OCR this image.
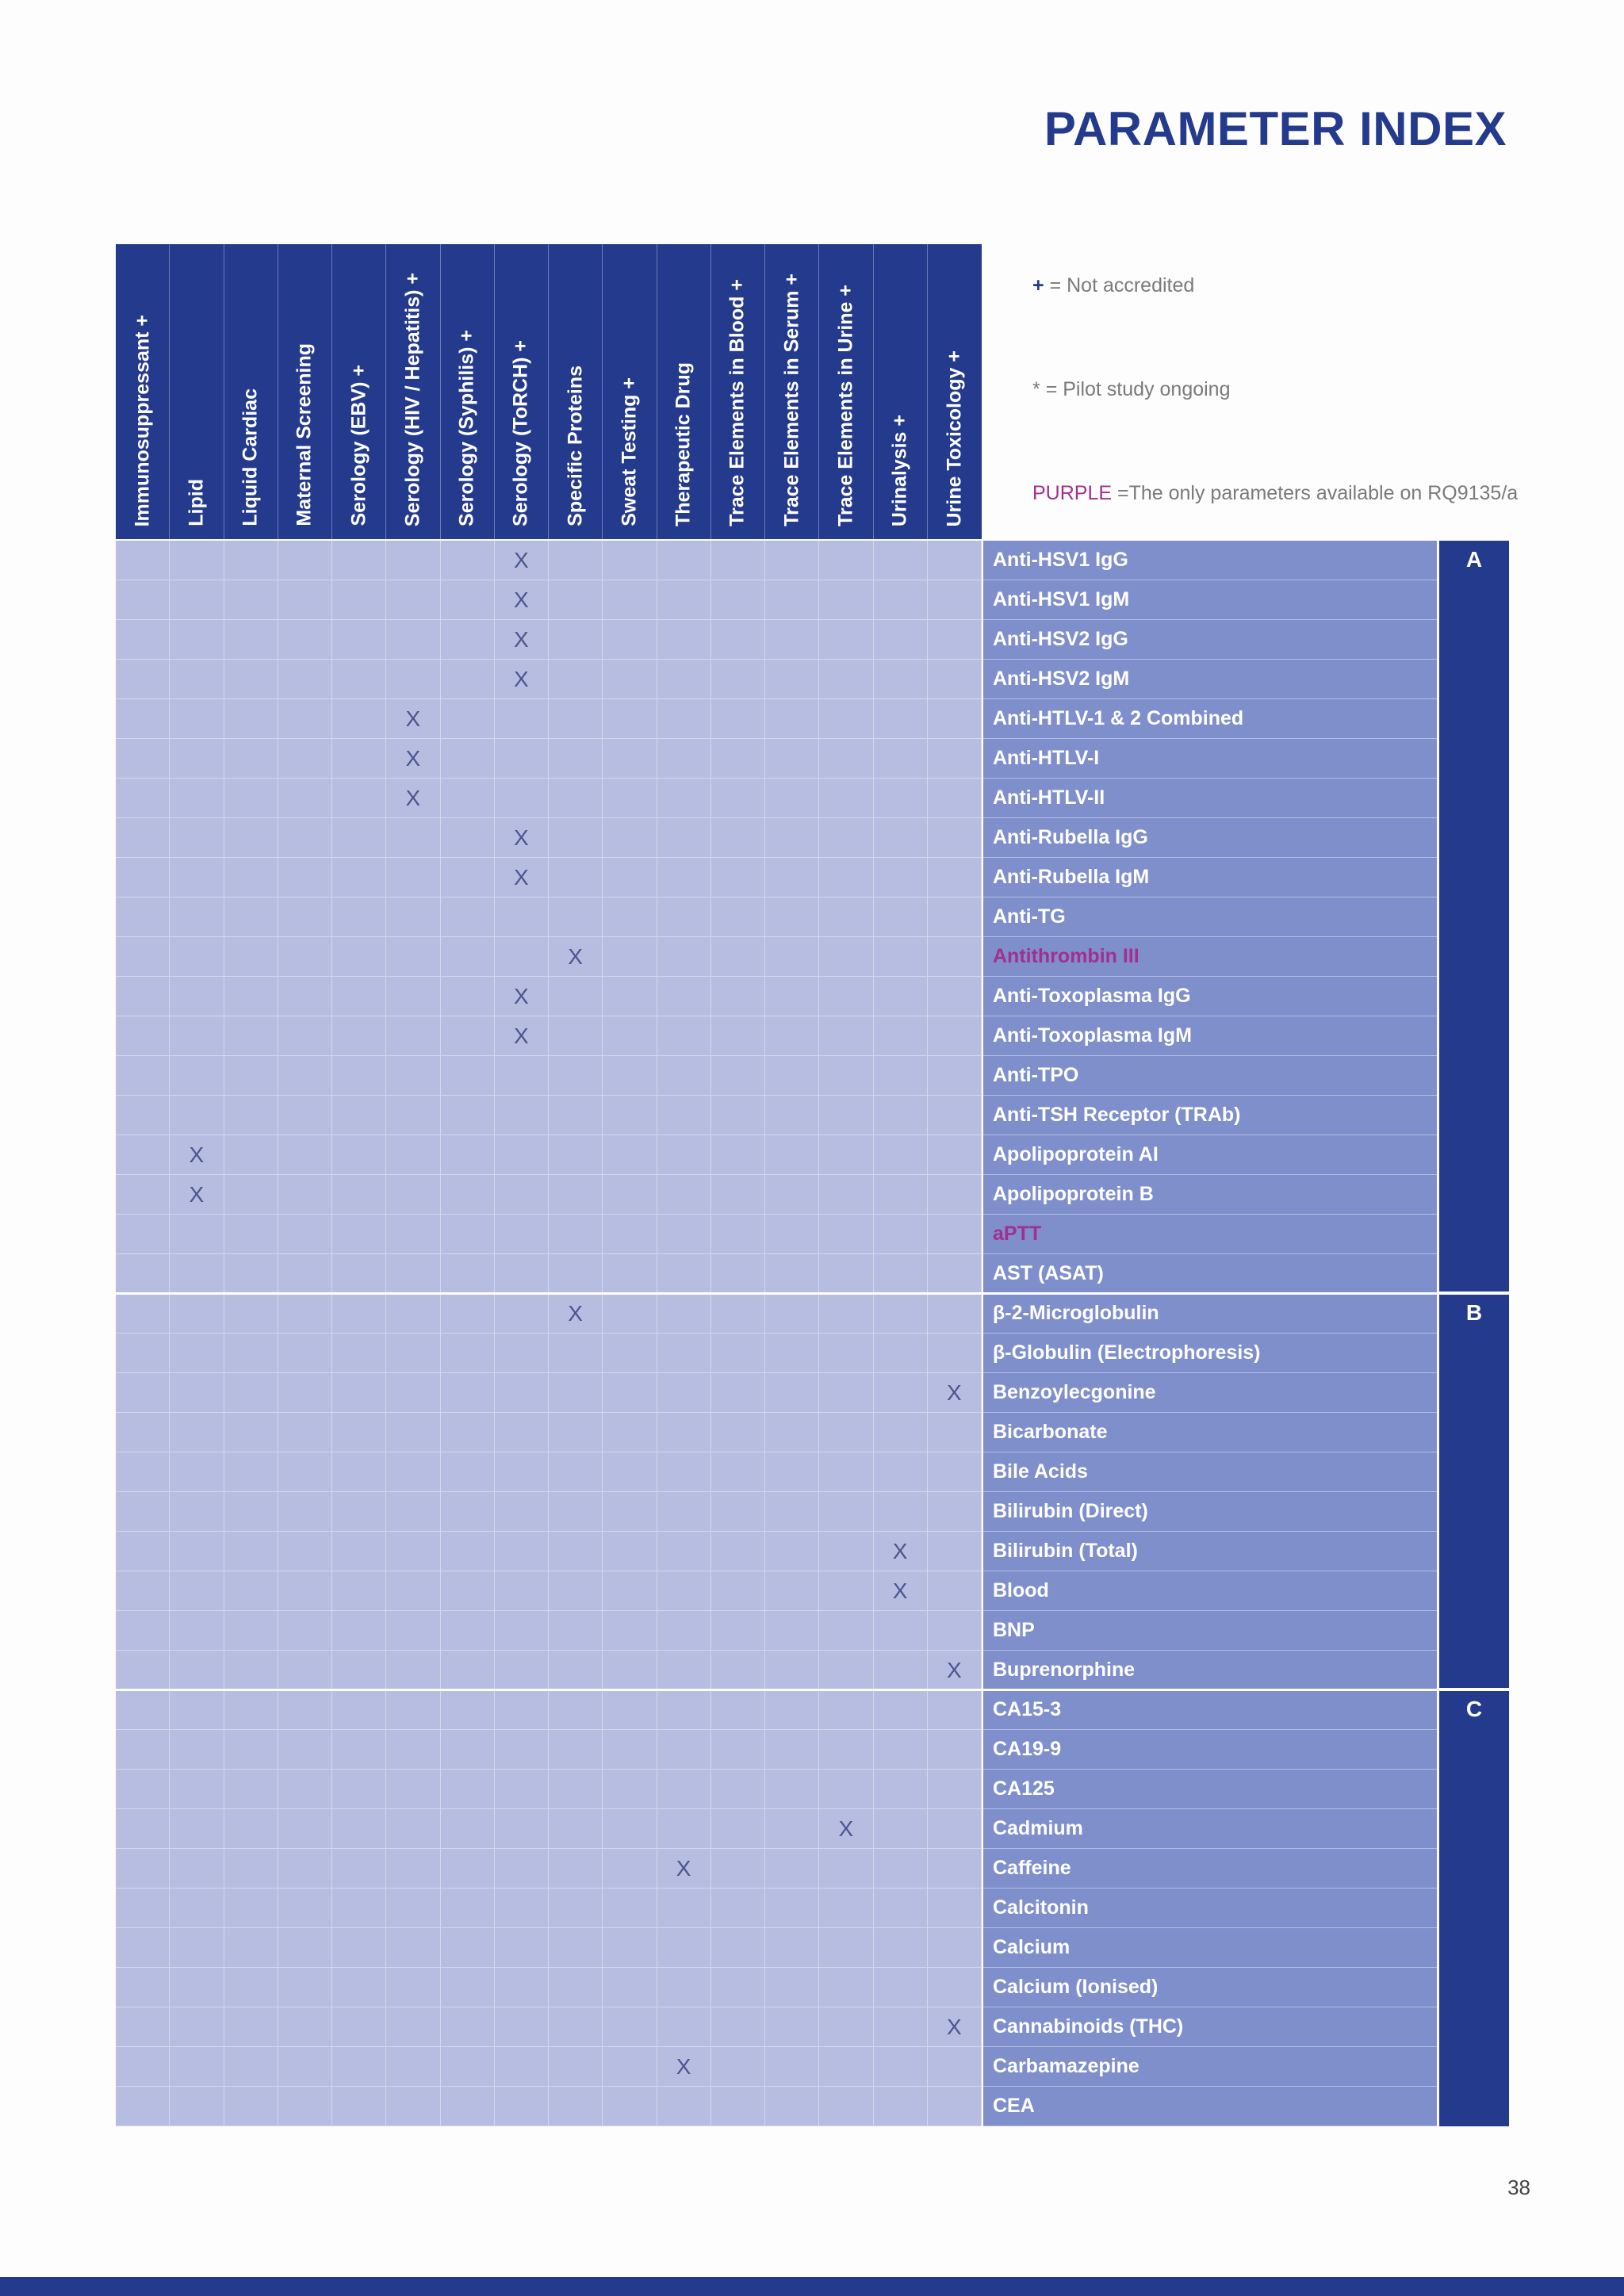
PARAMETER INDEX
Immunosuppressant + Lipid Liquid Cardiac Maternal Screening Serology (EBV) + Serology (HIV / Hepatitis) + Serology (Syphilis) + Serology (ToRCH) + Specific Proteins Sweat Testing + Therapeutic Drug Trace Elements in Blood + Trace Elements in Serum + Trace Elements in Urine + Urinalysis + Urine Toxicology +
+ = Not accredited
* = Pilot study ongoing
PURPLE =The only parameters available on RQ9135/a
X
X
X
X
X
X
X
X
X
X
X
X
X
X
X
X
X
X
X
X
X
X
X
Anti-HSV1 IgG
Anti-HSV1 IgM
Anti-HSV2 IgG
Anti-HSV2 IgM
Anti-HTLV-1 & 2 Combined
Anti-HTLV-I
Anti-HTLV-II
Anti-Rubella IgG
Anti-Rubella IgM
Anti-TG
Antithrombin III
Anti-Toxoplasma IgG
Anti-Toxoplasma IgM
Anti-TPO
Anti-TSH Receptor (TRAb)
Apolipoprotein AI
Apolipoprotein B
aPTT
AST (ASAT)
β-2-Microglobulin
β-Globulin (Electrophoresis)
Benzoylecgonine
Bicarbonate
Bile Acids
Bilirubin (Direct)
Bilirubin (Total)
Blood
BNP
Buprenorphine
CA15-3
CA19-9
CA125
Cadmium
Caffeine
Calcitonin
Calcium
Calcium (Ionised)
Cannabinoids (THC)
Carbamazepine
CEA
A
B
C
38
